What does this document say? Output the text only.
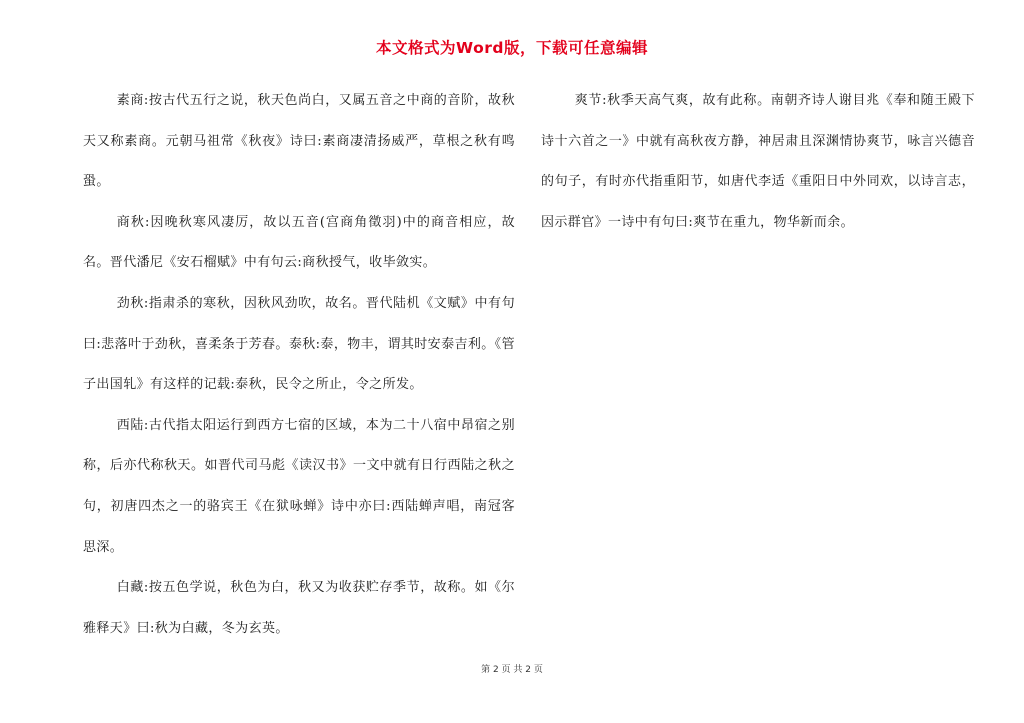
本文格式为Word版，下载可任意编辑

素商:按古代五行之说，秋天色尚白，又属五音之中商的音阶，故秋天又称素商。元朝马祖常《秋夜》诗曰:素商凄清扬威严，草根之秋有鸣蛩。

商秋:因晚秋寒风凄厉，故以五音(宫商角徵羽)中的商音相应，故名。晋代潘尼《安石榴赋》中有句云:商秋授气，收毕敛实。

劲秋:指肃杀的寒秋，因秋风劲吹，故名。晋代陆机《文赋》中有句曰:悲落叶于劲秋，喜柔条于芳春。泰秋:泰，物丰，谓其时安泰吉利。《管子出国轧》有这样的记载:泰秋，民令之所止，令之所发。

西陆:古代指太阳运行到西方七宿的区域，本为二十八宿中昂宿之别称，后亦代称秋天。如晋代司马彪《读汉书》一文中就有日行西陆之秋之句，初唐四杰之一的骆宾王《在狱咏蝉》诗中亦曰:西陆蝉声唱，南冠客思深。

白藏:按五色学说，秋色为白，秋又为收获贮存季节，故称。如《尔雅释天》曰:秋为白藏，冬为玄英。

爽节:秋季天高气爽，故有此称。南朝齐诗人谢目兆《奉和随王殿下诗十六首之一》中就有高秋夜方静，神居肃且深渊情协爽节，咏言兴德音的句子，有时亦代指重阳节，如唐代李适《重阳日中外同欢，以诗言志，因示群官》一诗中有句曰:爽节在重九，物华新而余。

第 2 页 共 2 页
